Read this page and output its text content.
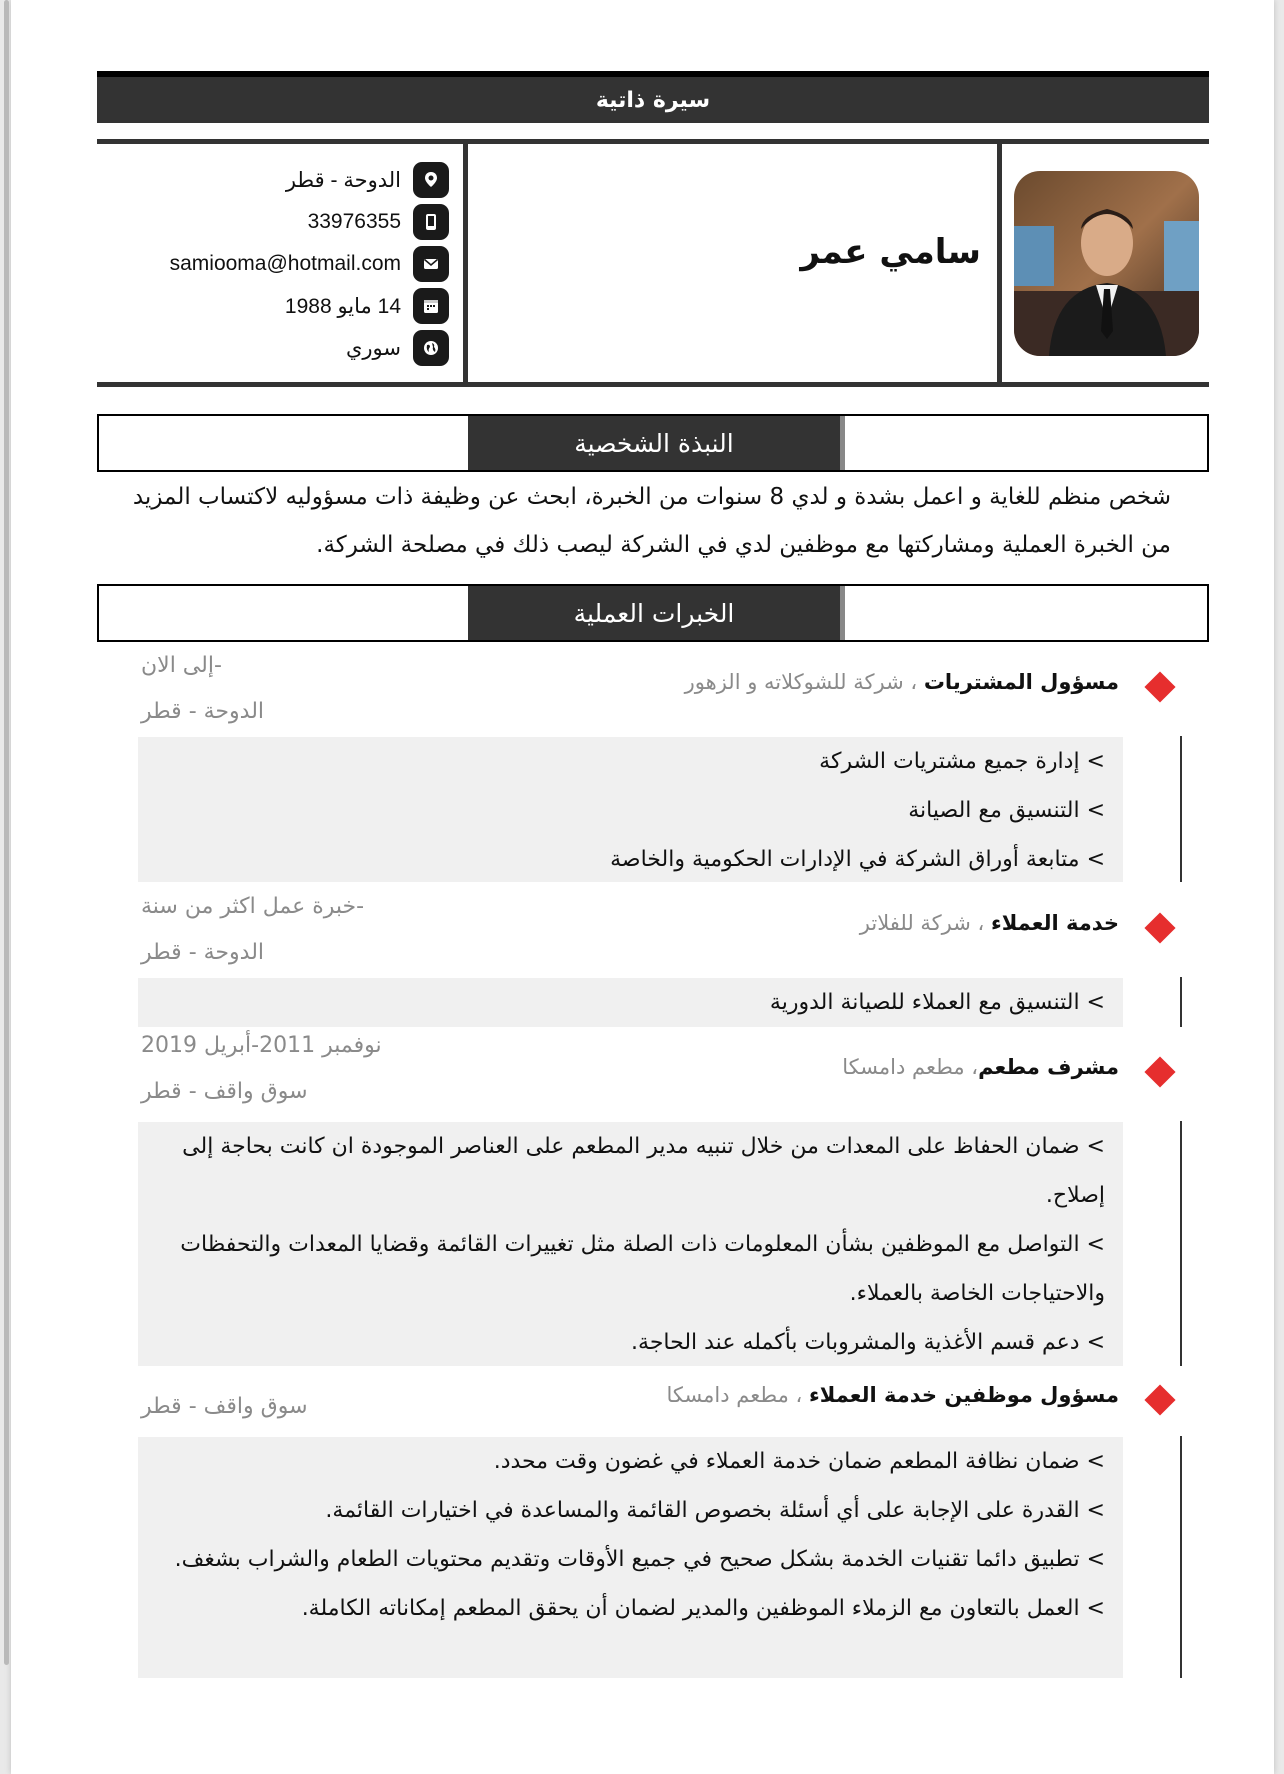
سيرة ذاتية
سامي عمر
الدوحة - قطر
33976355
samiooma@hotmail.com
14 مايو 1988
سوري
النبذة الشخصية
شخص منظم للغاية و اعمل بشدة و لدي 8 سنوات من الخبرة، ابحث عن وظيفة ذات مسؤوليه لاكتساب المزيد من الخبرة العملية ومشاركتها مع موظفين لدي في الشركة ليصب ذلك في مصلحة الشركة.
الخبرات العملية
مسؤول المشتريات ، شركة للشوكلاته و الزهور
-إلى الان
الدوحة - قطر
> إدارة جميع مشتريات الشركة
> التنسيق مع الصيانة
> متابعة أوراق الشركة في الإدارات الحكومية والخاصة
خدمة العملاء ، شركة للفلاتر
-خبرة عمل اكثر من سنة
الدوحة - قطر
> التنسيق مع العملاء للصيانة الدورية
مشرف مطعم، مطعم دامسكا
نوفمبر 2011-أبريل 2019
سوق واقف - قطر
> ضمان الحفاظ على المعدات من خلال تنبيه مدير المطعم على العناصر الموجودة ان كانت بحاجة إلى إصلاح.
> التواصل مع الموظفين بشأن المعلومات ذات الصلة مثل تغييرات القائمة وقضايا المعدات والتحفظات والاحتياجات الخاصة بالعملاء.
> دعم قسم الأغذية والمشروبات بأكمله عند الحاجة.
مسؤول موظفين خدمة العملاء ، مطعم دامسكا
سوق واقف - قطر
> ضمان نظافة المطعم ضمان خدمة العملاء في غضون وقت محدد.
> القدرة على الإجابة على أي أسئلة بخصوص القائمة والمساعدة في اختيارات القائمة.
> تطبيق دائما تقنيات الخدمة بشكل صحيح في جميع الأوقات وتقديم محتويات الطعام والشراب بشغف.
> العمل بالتعاون مع الزملاء الموظفين والمدير لضمان أن يحقق المطعم إمكاناته الكاملة.
